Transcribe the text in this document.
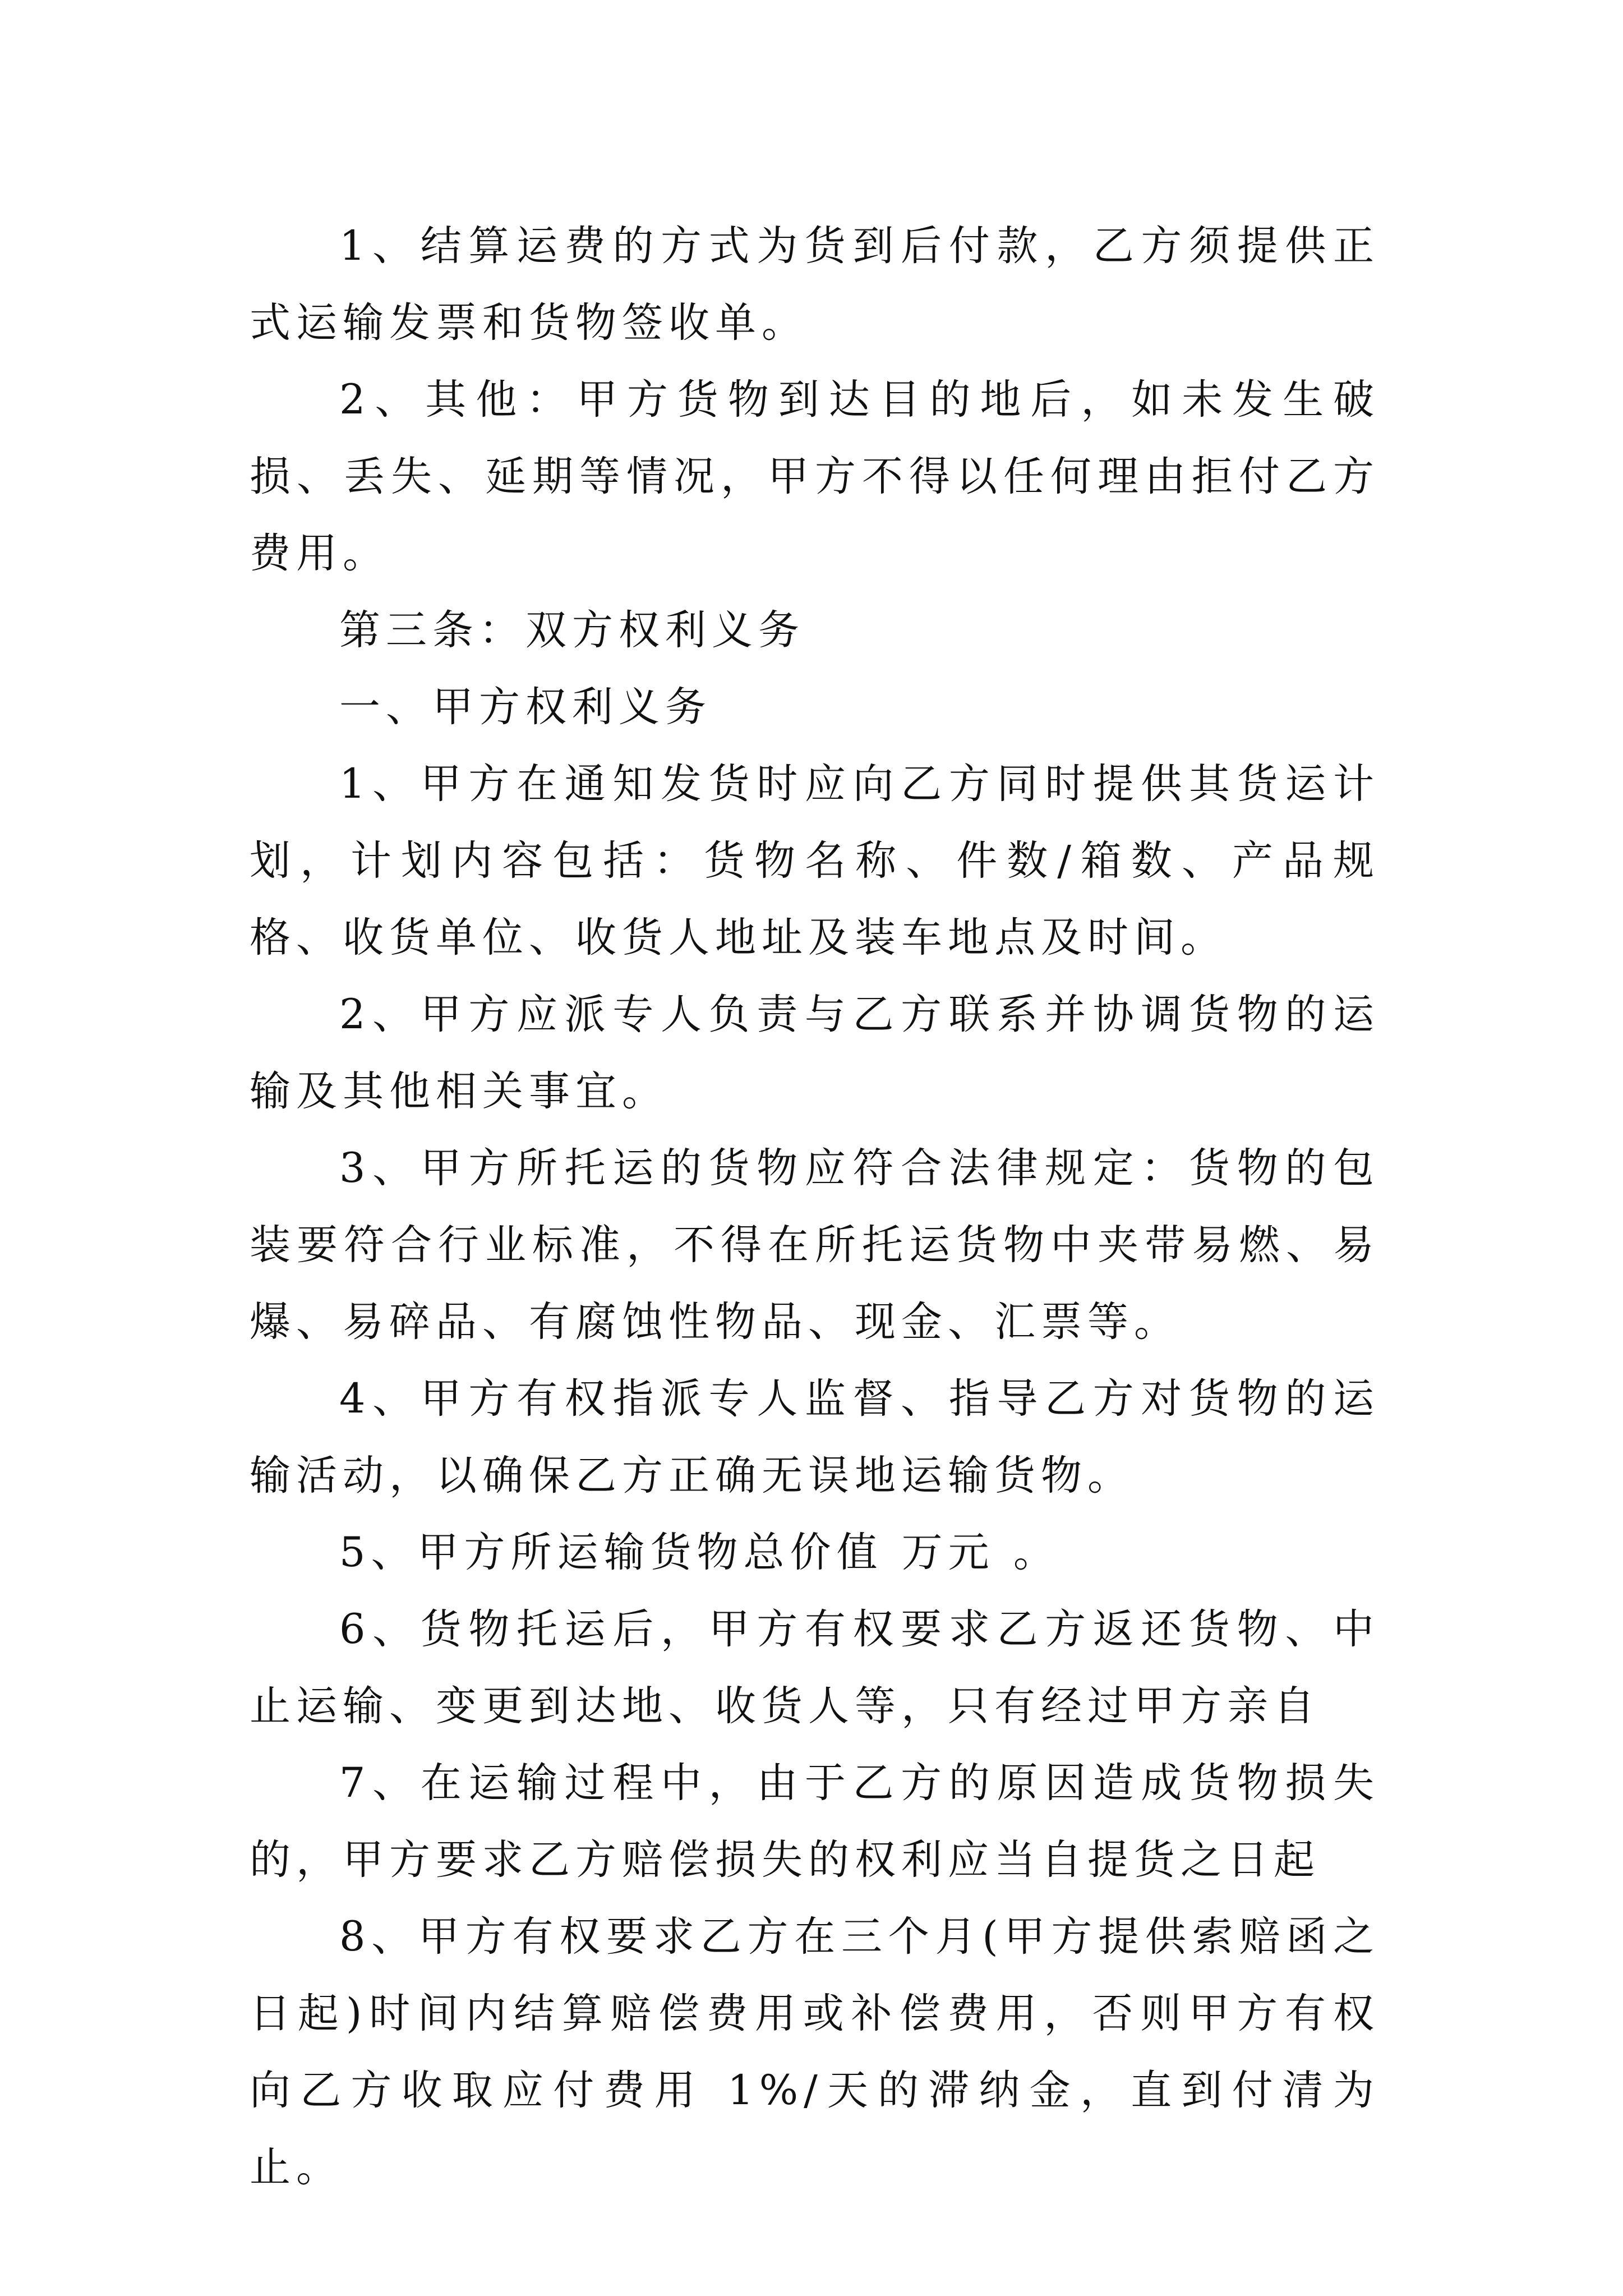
1、结算运费的方式为货到后付款，乙方须提供正式运输发票和货物签收单。

2、其他：甲方货物到达目的地后，如未发生破损、丢失、延期等情况，甲方不得以任何理由拒付乙方费用。

第三条：双方权利义务

一、甲方权利义务

1、甲方在通知发货时应向乙方同时提供其货运计划，计划内容包括：货物名称、件数/箱数、产品规格、收货单位、收货人地址及装车地点及时间。

2、甲方应派专人负责与乙方联系并协调货物的运输及其他相关事宜。

3、甲方所托运的货物应符合法律规定：货物的包装要符合行业标准，不得在所托运货物中夹带易燃、易爆、易碎品、有腐蚀性物品、现金、汇票等。

4、甲方有权指派专人监督、指导乙方对货物的运输活动，以确保乙方正确无误地运输货物。

5、甲方所运输货物总价值 万元 。

6、货物托运后，甲方有权要求乙方返还货物、中止运输、变更到达地、收货人等，只有经过甲方亲自

7、在运输过程中，由于乙方的原因造成货物损失的，甲方要求乙方赔偿损失的权利应当自提货之日起

8、甲方有权要求乙方在三个月(甲方提供索赔函之日起)时间内结算赔偿费用或补偿费用，否则甲方有权向乙方收取应付费用 1%/天的滞纳金，直到付清为止。
